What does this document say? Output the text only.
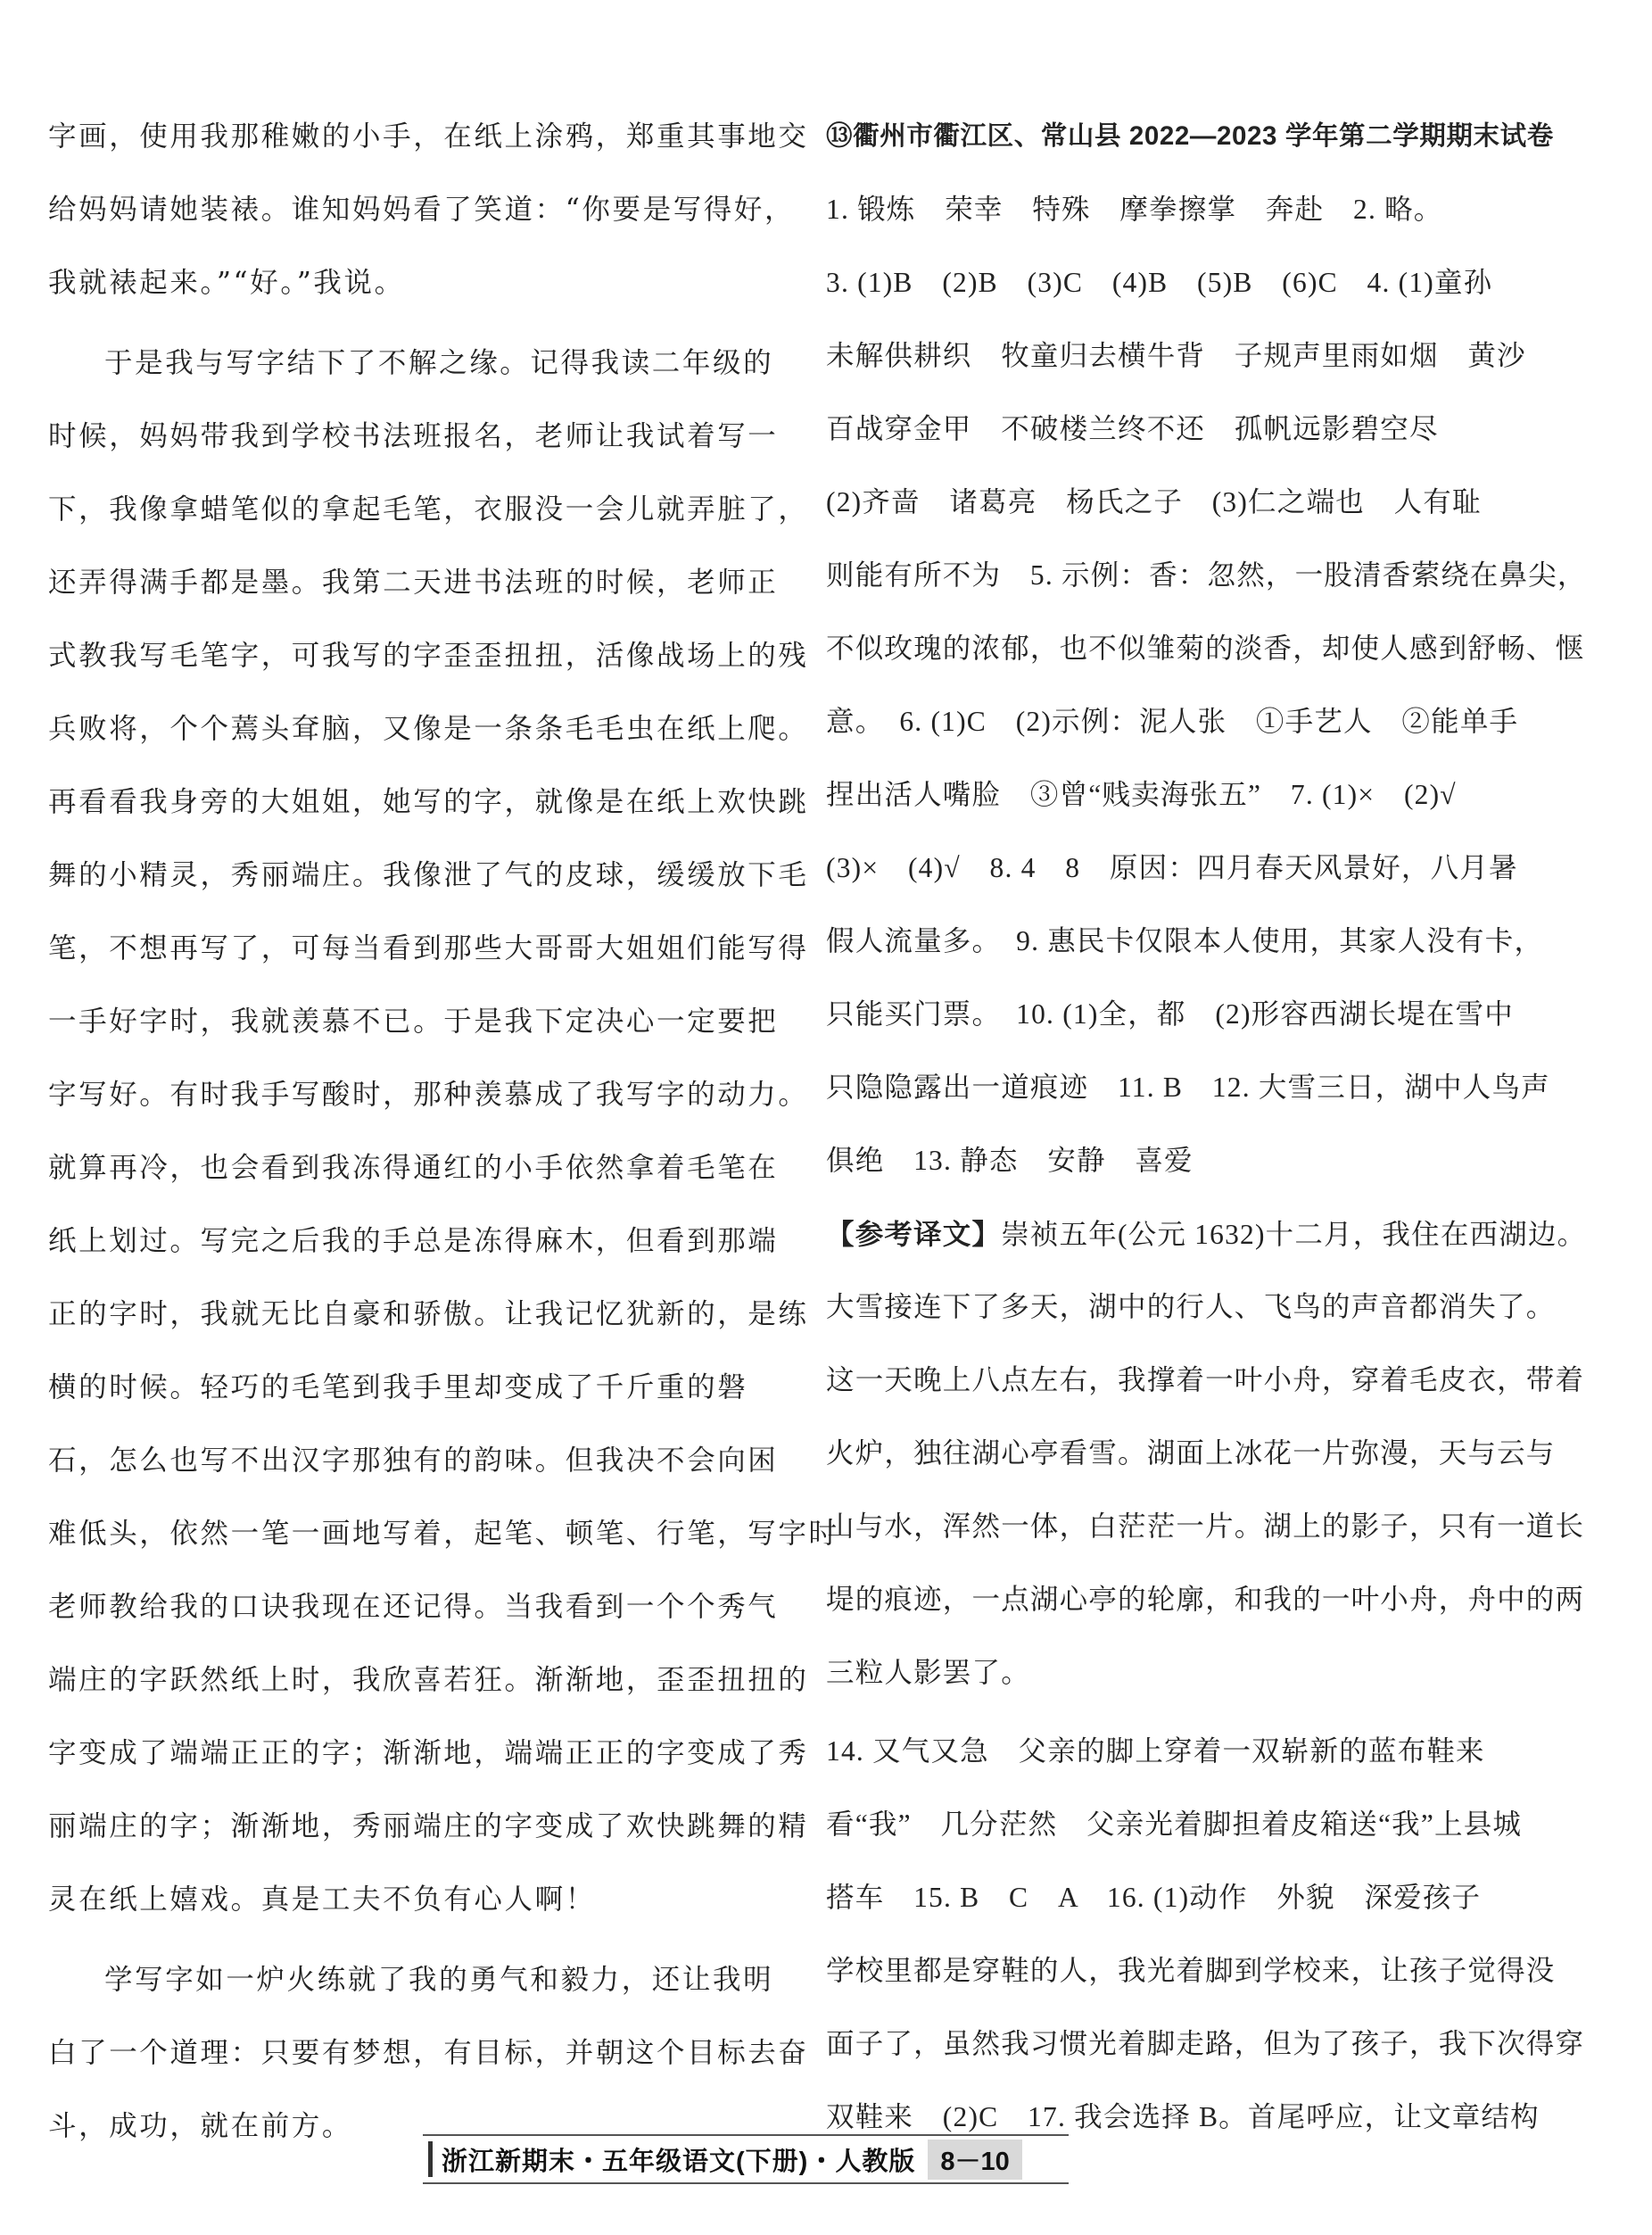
字画，使用我那稚嫩的小手，在纸上涂鸦，郑重其事地交
给妈妈请她装裱。谁知妈妈看了笑道：“你要是写得好，
我就裱起来。”“好。”我说。
于是我与写字结下了不解之缘。记得我读二年级的
时候，妈妈带我到学校书法班报名，老师让我试着写一
下，我像拿蜡笔似的拿起毛笔，衣服没一会儿就弄脏了，
还弄得满手都是墨。我第二天进书法班的时候，老师正
式教我写毛笔字，可我写的字歪歪扭扭，活像战场上的残
兵败将，个个蔫头耷脑，又像是一条条毛毛虫在纸上爬。
再看看我身旁的大姐姐，她写的字，就像是在纸上欢快跳
舞的小精灵，秀丽端庄。我像泄了气的皮球，缓缓放下毛
笔，不想再写了，可每当看到那些大哥哥大姐姐们能写得
一手好字时，我就羡慕不已。于是我下定决心一定要把
字写好。有时我手写酸时，那种羡慕成了我写字的动力。
就算再冷，也会看到我冻得通红的小手依然拿着毛笔在
纸上划过。写完之后我的手总是冻得麻木，但看到那端
正的字时，我就无比自豪和骄傲。让我记忆犹新的，是练
横的时候。轻巧的毛笔到我手里却变成了千斤重的磐
石，怎么也写不出汉字那独有的韵味。但我决不会向困
难低头，依然一笔一画地写着，起笔、顿笔、行笔，写字时
老师教给我的口诀我现在还记得。当我看到一个个秀气
端庄的字跃然纸上时，我欣喜若狂。渐渐地，歪歪扭扭的
字变成了端端正正的字；渐渐地，端端正正的字变成了秀
丽端庄的字；渐渐地，秀丽端庄的字变成了欢快跳舞的精
灵在纸上嬉戏。真是工夫不负有心人啊！
学写字如一炉火练就了我的勇气和毅力，还让我明
白了一个道理：只要有梦想，有目标，并朝这个目标去奋
斗，成功，就在前方。
⑬衢州市衢江区、常山县 2022—2023 学年第二学期期末试卷
1. 锻炼　荣幸　特殊　摩拳擦掌　奔赴　2. 略。
3. (1)B　(2)B　(3)C　(4)B　(5)B　(6)C　4. (1)童孙
未解供耕织　牧童归去横牛背　子规声里雨如烟　黄沙
百战穿金甲　不破楼兰终不还　孤帆远影碧空尽
(2)齐啬　诸葛亮　杨氏之子　(3)仁之端也　人有耻
则能有所不为　5. 示例：香：忽然，一股清香萦绕在鼻尖，
不似玫瑰的浓郁，也不似雏菊的淡香，却使人感到舒畅、惬
意。　6. (1)C　(2)示例：泥人张　①手艺人　②能单手
捏出活人嘴脸　③曾“贱卖海张五”　7. (1)×　(2)√
(3)×　(4)√　8. 4　8　原因：四月春天风景好，八月暑
假人流量多。　9. 惠民卡仅限本人使用，其家人没有卡，
只能买门票。　10. (1)全，都　(2)形容西湖长堤在雪中
只隐隐露出一道痕迹　11. B　12. 大雪三日，湖中人鸟声
俱绝　13. 静态　安静　喜爱
【参考译文】崇祯五年(公元 1632)十二月，我住在西湖边。
大雪接连下了多天，湖中的行人、飞鸟的声音都消失了。
这一天晚上八点左右，我撑着一叶小舟，穿着毛皮衣，带着
火炉，独往湖心亭看雪。湖面上冰花一片弥漫，天与云与
山与水，浑然一体，白茫茫一片。湖上的影子，只有一道长
堤的痕迹，一点湖心亭的轮廓，和我的一叶小舟，舟中的两
三粒人影罢了。
14. 又气又急　父亲的脚上穿着一双崭新的蓝布鞋来
看“我”　几分茫然　父亲光着脚担着皮箱送“我”上县城
搭车　15. B　C　A　16. (1)动作　外貌　深爱孩子
学校里都是穿鞋的人，我光着脚到学校来，让孩子觉得没
面子了，虽然我习惯光着脚走路，但为了孩子，我下次得穿
双鞋来　(2)C　17. 我会选择 B。首尾呼应，让文章结构
浙江新期末・五年级语文(下册)・人教版 8－10
